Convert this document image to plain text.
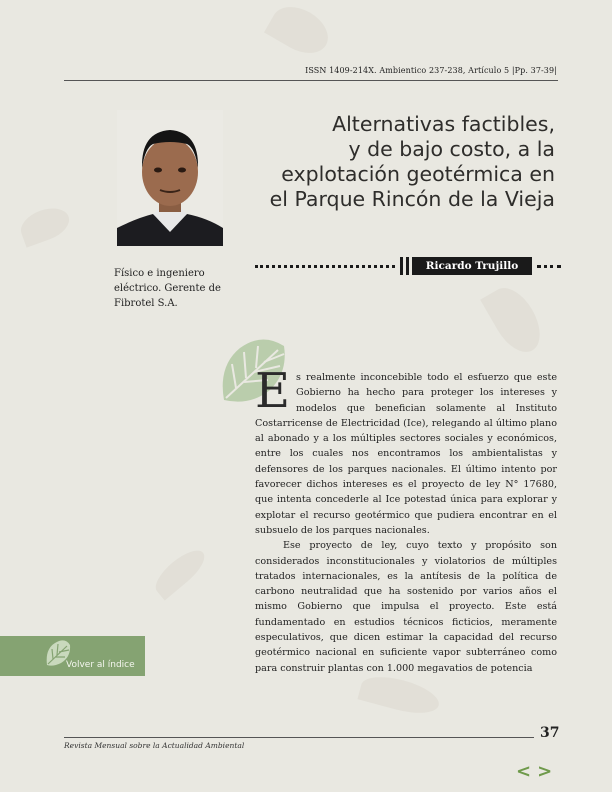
ISSN 1409-214X. Ambientico 237-238, Artículo 5 |Pp. 37-39|
Alternativas factibles,
y de bajo costo, a la
explotación geotérmica en
el Parque Rincón de la Vieja
Ricardo Trujillo
Físico e ingeniero eléctrico. Gerente de Fibrotel S.A.

Es realmente inconcebible todo el esfuerzo que este Gobierno ha hecho para proteger los intereses y modelos que benefician solamente al Instituto Costarricense de Electricidad (Ice), relegando al último plano al abonado y a los múltiples sectores sociales y económicos, entre los cuales nos encontramos los ambientalistas y defensores de los parques nacionales. El último intento por favorecer dichos intereses es el proyecto de ley N° 17680, que intenta concederle al Ice potestad única para explorar y explotar el recurso geotérmico que pudiera encontrar en el subsuelo de los parques nacionales.

Ese proyecto de ley, cuyo texto y propósito son considerados inconstitucionales y violatorios de múltiples tratados internacionales, es la antítesis de la política de carbono neutralidad que ha sostenido por varios años el mismo Gobierno que impulsa el proyecto. Este está fundamentado en estudios técnicos ficticios, meramente especulativos, que dicen estimar la capacidad del recurso geotérmico nacional en suficiente vapor subterráneo como para construir plantas con 1.000 megavatios de potencia

Volver al índice
Revista Mensual sobre la Actualidad Ambiental
37
< >
